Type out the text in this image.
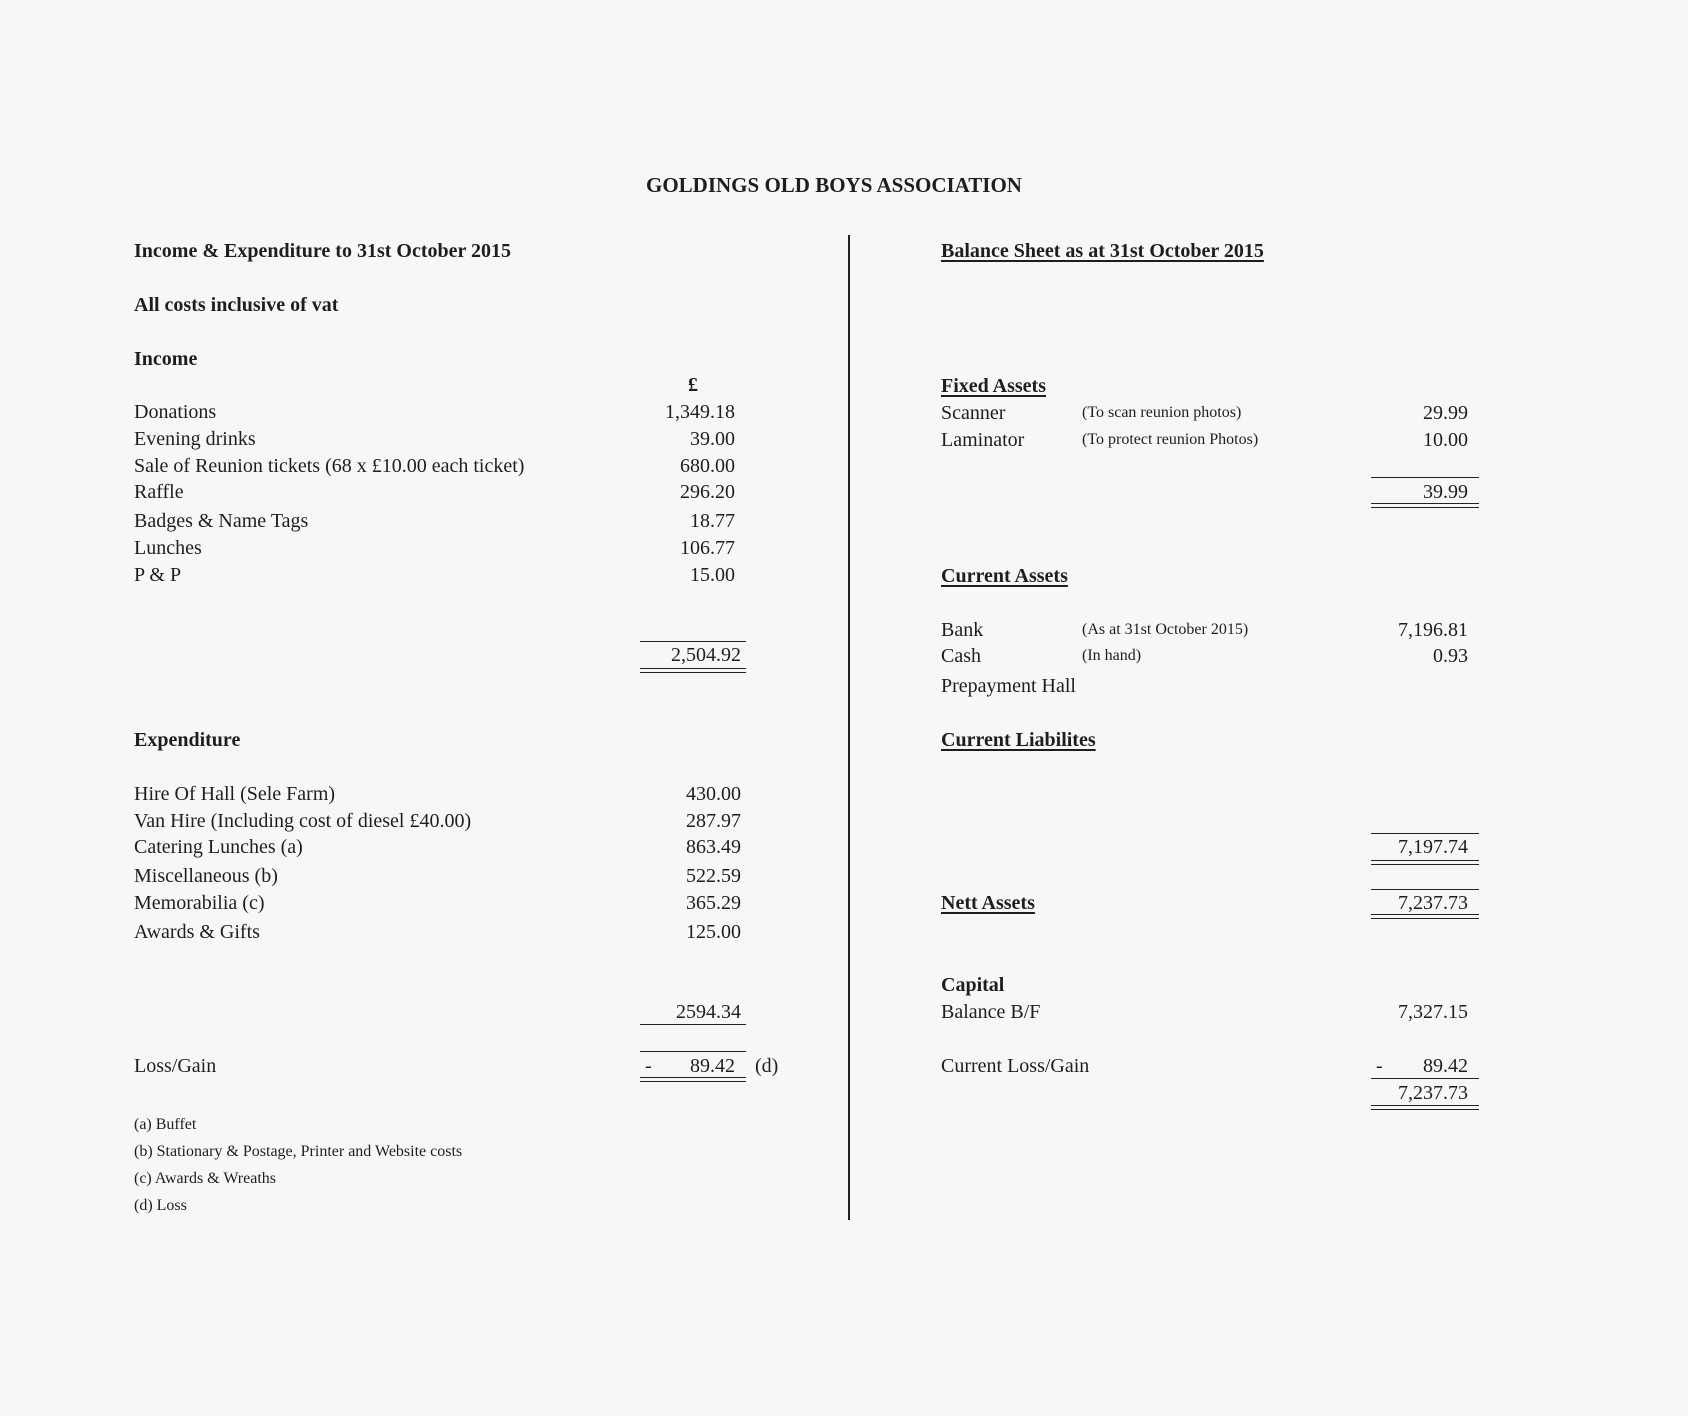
GOLDINGS OLD BOYS ASSOCIATION
Income & Expenditure to 31st October 2015
All costs inclusive of vat
Income
£
Donations	1,349.18
Evening drinks	39.00
Sale of Reunion tickets (68 x £10.00 each ticket)	680.00
Raffle	296.20
Badges & Name Tags	18.77
Lunches	106.77
P & P	15.00
2,504.92
Expenditure
Hire Of Hall (Sele Farm)	430.00
Van Hire (Including cost of diesel £40.00)	287.97
Catering Lunches (a)	863.49
Miscellaneous (b)	522.59
Memorabilia (c)	365.29
Awards & Gifts	125.00
2594.34
Loss/Gain	-	89.42 (d)
(a) Buffet
(b) Stationary & Postage, Printer and Website costs
(c) Awards & Wreaths
(d) Loss
Balance Sheet as at 31st October 2015
Fixed Assets
Scanner	(To scan reunion photos)	29.99
Laminator	(To protect reunion Photos)	10.00
39.99
Current Assets
Bank	(As at 31st October 2015)	7,196.81
Cash	(In hand)	0.93
Prepayment Hall
Current Liabilites
7,197.74
Nett Assets	7,237.73
Capital
Balance B/F	7,327.15
Current Loss/Gain	-	89.42
7,237.73
